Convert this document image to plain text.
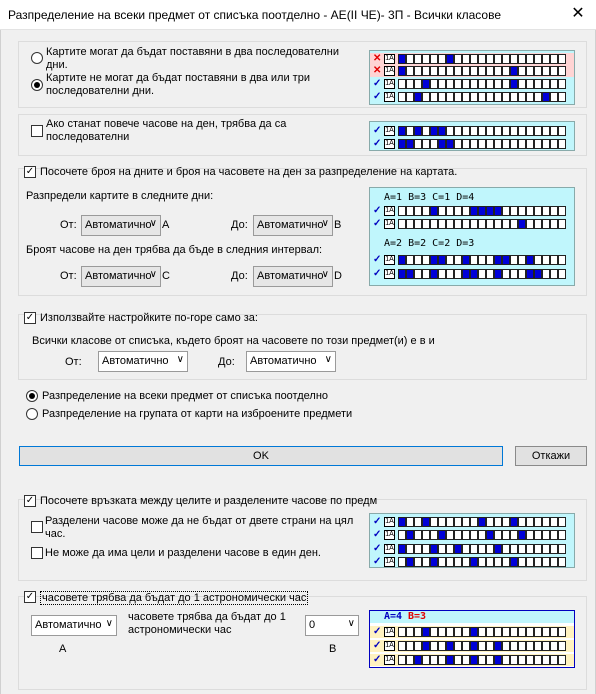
Разпределение на всеки предмет от списъка поотделно - АЕ(ІІ ЧЕ)- 3П - Всички класове	✕
Картите могат да бъдат поставяни в два последователни дни.
Картите не могат да бъдат поставяни в два или три последователни дни.
✕ 1A
✕ 1A
✓ 1A
✓ 1A
Ако станат повече часове на ден, трябва да са последователни
✓ 1A
✓ 1A
✓ Посочете броя на дните и броя на часовете на ден за разпределение на картата.
Разпредели картите в следните дни:
От: Автоматично
∨ A	До: Автоматично
∨ B
Броят часове на ден трябва да бъде в следния интервал:
От: Автоматично
∨ C	До: Автоматично
∨ D
A=1 B=3 C=1 D=4
✓ 1A
✓ 1A
A=2 B=2 C=2 D=3
✓ 1A
✓ 1A
✓ Използвайте настройките по-горе само за:
Всички класове от списъка, където броят на часовете по този предмет(и) е в и
От:	Автоматично ∨	До:	Автоматично ∨
Разпределение на всеки предмет от списъка поотделно
Разпределение на групата от карти на изброените предмети
OK	Откажи
✓ Посочете връзката между целите и разделените часове по предм
Разделени часове може да не бъдат от двете страни на цял час.
Не може да има цели и разделени часове в един ден.
✓ 1A
✓ 1A
✓ 1A
✓ 1A
✓ часовете трябва да бъдат до 1 астрономически час
Автоматично ∨
A
часовете трябва да бъдат до 1 астрономически час	0	∨
B
A=4 B=3
✓ 1A
✓ 1A
✓ 1A
